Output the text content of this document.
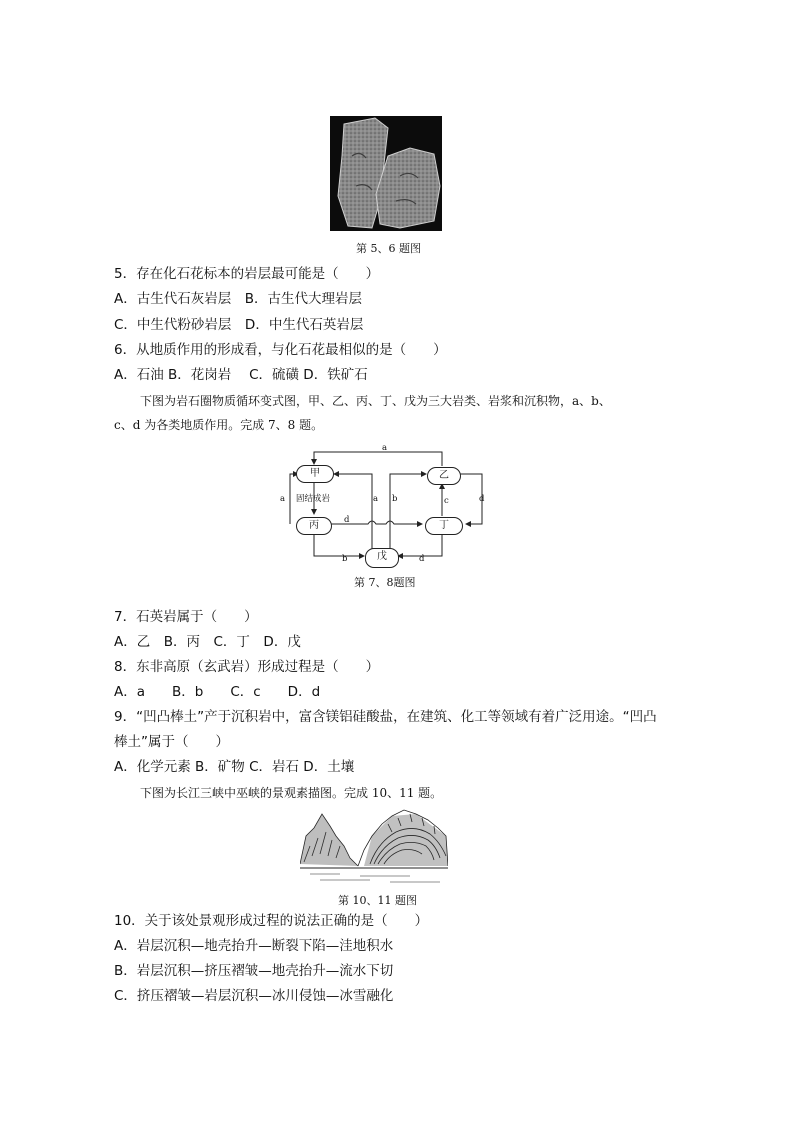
第 5、6 题图
5．存在化石花标本的岩层最可能是（　　）
A．古生代石灰岩层　B．古生代大理岩层
C．中生代粉砂岩层　D．中生代石英岩层
6．从地质作用的形成看，与化石花最相似的是（　　）
A．石油 B．花岗岩　 C．硫磺 D．铁矿石
下图为岩石圈物质循环变式图，甲、乙、丙、丁、戊为三大岩类、岩浆和沉积物，a、b、
c、d 为各类地质作用。完成 7、8 题。
甲	乙
丙	丁
戊
a
a 固结成岩	a b	c	d
d
b	d
第 7、8题图
7．石英岩属于（　　）
A．乙　B．丙　C．丁　D．戊
8．东非高原（玄武岩）形成过程是（　　）
A．a　　B．b　　C．c　　D．d
9．“凹凸棒土”产于沉积岩中，富含镁铝硅酸盐，在建筑、化工等领域有着广泛用途。“凹凸
棒土”属于（　　）
A．化学元素 B．矿物 C．岩石 D．土壤
下图为长江三峡中巫峡的景观素描图。完成 10、11 题。
第 10、11 题图
10．关于该处景观形成过程的说法正确的是（　　）
A．岩层沉积—地壳抬升—断裂下陷—洼地积水
B．岩层沉积—挤压褶皱—地壳抬升—流水下切
C．挤压褶皱—岩层沉积—冰川侵蚀—冰雪融化
